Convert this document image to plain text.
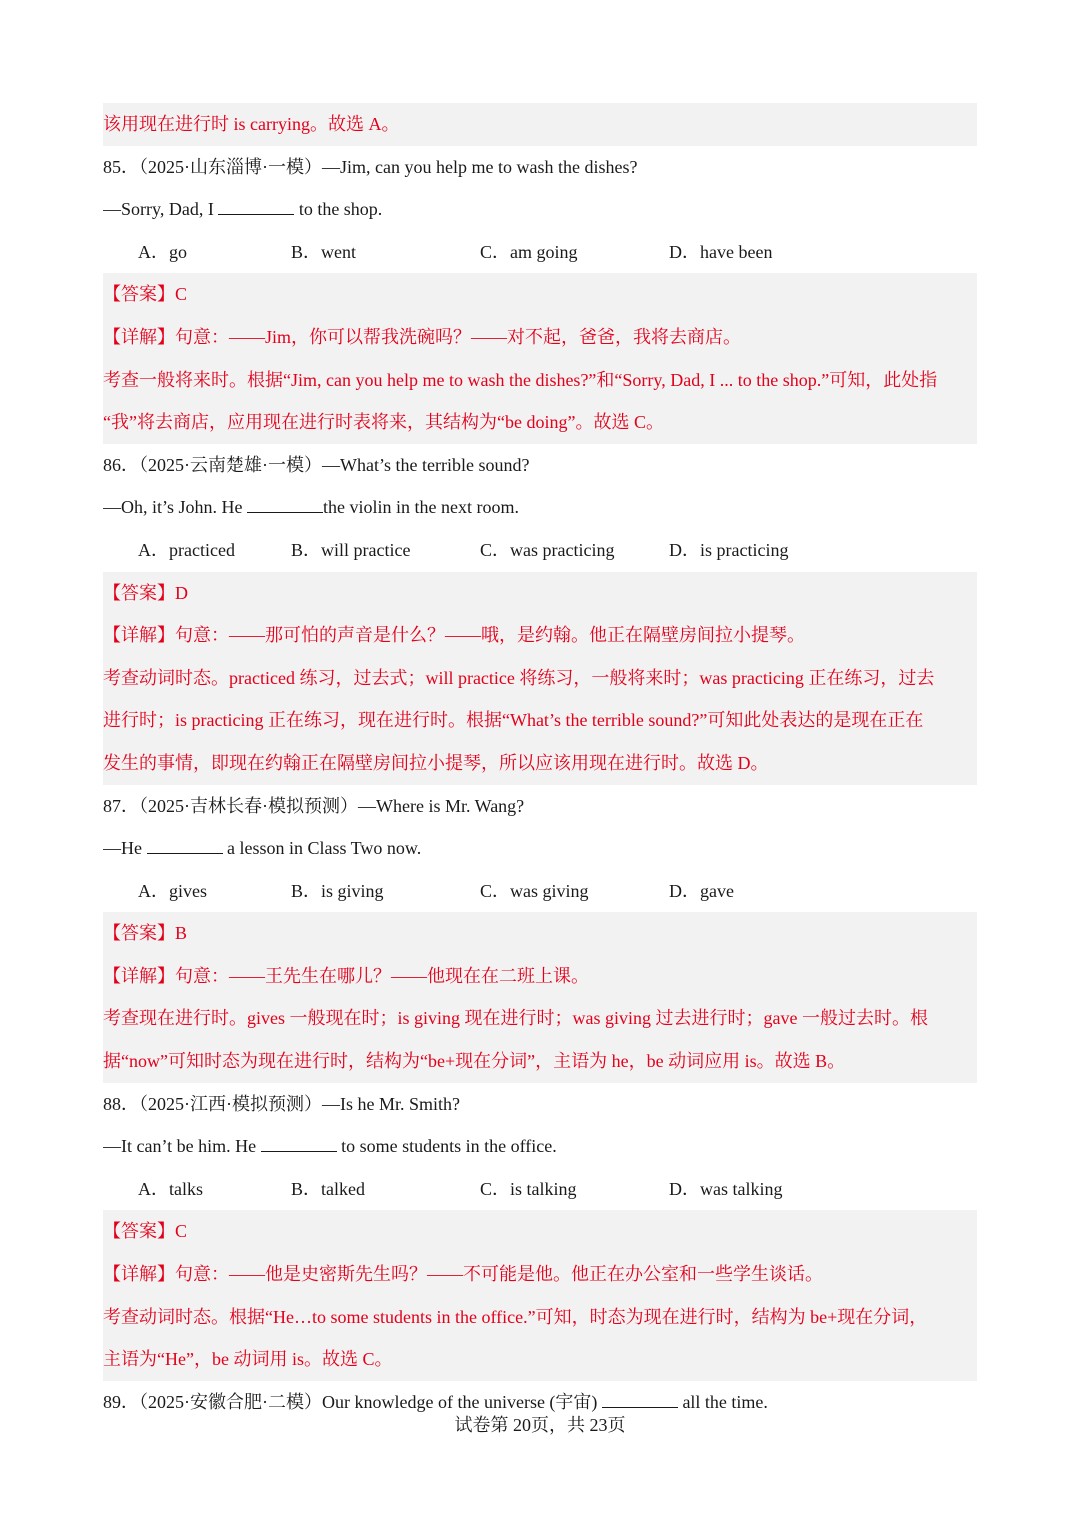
该用现在进行时 is carrying。故选 A。
85．（2025·山东淄博·一模）—Jim, can you help me to wash the dishes?
—Sorry, Dad, I	to the shop.
A．go	B．went	C．am going	D．have been
【答案】C
【详解】句意：——Jim，你可以帮我洗碗吗？——对不起，爸爸，我将去商店。
考查一般将来时。根据“Jim, can you help me to wash the dishes?”和“Sorry, Dad, I ... to the shop.”可知，此处指
“我”将去商店，应用现在进行时表将来，其结构为“be doing”。故选 C。
86．（2025·云南楚雄·一模）—What’s the terrible sound?
—Oh, it’s John. He	the violin in the next room.
A．practiced	B．will practice	C．was practicing	D．is practicing
【答案】D
【详解】句意：——那可怕的声音是什么？——哦，是约翰。他正在隔壁房间拉小提琴。
考查动词时态。practiced 练习，过去式；will practice 将练习，一般将来时；was practicing 正在练习，过去
进行时；is practicing 正在练习，现在进行时。根据“What’s the terrible sound?”可知此处表达的是现在正在
发生的事情，即现在约翰正在隔壁房间拉小提琴，所以应该用现在进行时。故选 D。
87．（2025·吉林长春·模拟预测）—Where is Mr. Wang?
—He	a lesson in Class Two now.
A．gives	B．is giving	C．was giving	D．gave
【答案】B
【详解】句意：——王先生在哪儿？——他现在在二班上课。
考查现在进行时。gives 一般现在时；is giving 现在进行时；was giving 过去进行时；gave 一般过去时。根
据“now”可知时态为现在进行时，结构为“be+现在分词”，主语为 he，be 动词应用 is。故选 B。
88．（2025·江西·模拟预测）—Is he Mr. Smith?
—It can’t be him. He	to some students in the office.
A．talks	B．talked	C．is talking	D．was talking
【答案】C
【详解】句意：——他是史密斯先生吗？——不可能是他。他正在办公室和一些学生谈话。
考查动词时态。根据“He…to some students in the office.”可知，时态为现在进行时，结构为 be+现在分词，
主语为“He”，be 动词用 is。故选 C。
89．（2025·安徽合肥·二模）Our knowledge of the universe (宇宙)	all the time.
试卷第 20页，共 23页
